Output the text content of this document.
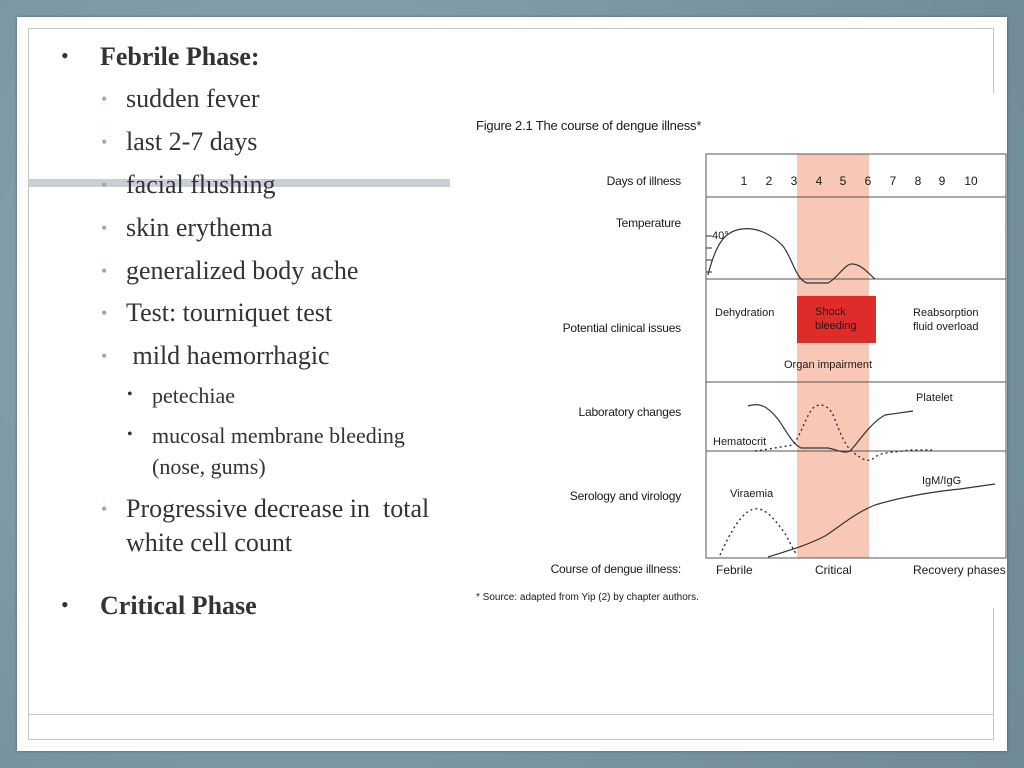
• Febrile Phase:
• sudden fever
• last 2-7 days
• facial flushing
• skin erythema
• generalized body ache
• Test: tourniquet test
• mild haemorrhagic
• petechiae
• mucosal membrane bleeding
(nose, gums)
• Progressive decrease in  total
white cell count
• Critical Phase
Figure 2.1 The course of dengue illness*
Days of illness
Temperature
Potential clinical issues
Laboratory changes
Serology and virology
Course of dengue illness:
1 2 3 4 5 6 7 8 9 10
40°
Dehydration	Shock
bleeding
Reabsorption
fluid overload
Organ impairment
Platelet
Hematocrit
Viraemia
IgM/IgG
Febrile	Critical	Recovery phases
* Source: adapted from Yip (2) by chapter authors.
